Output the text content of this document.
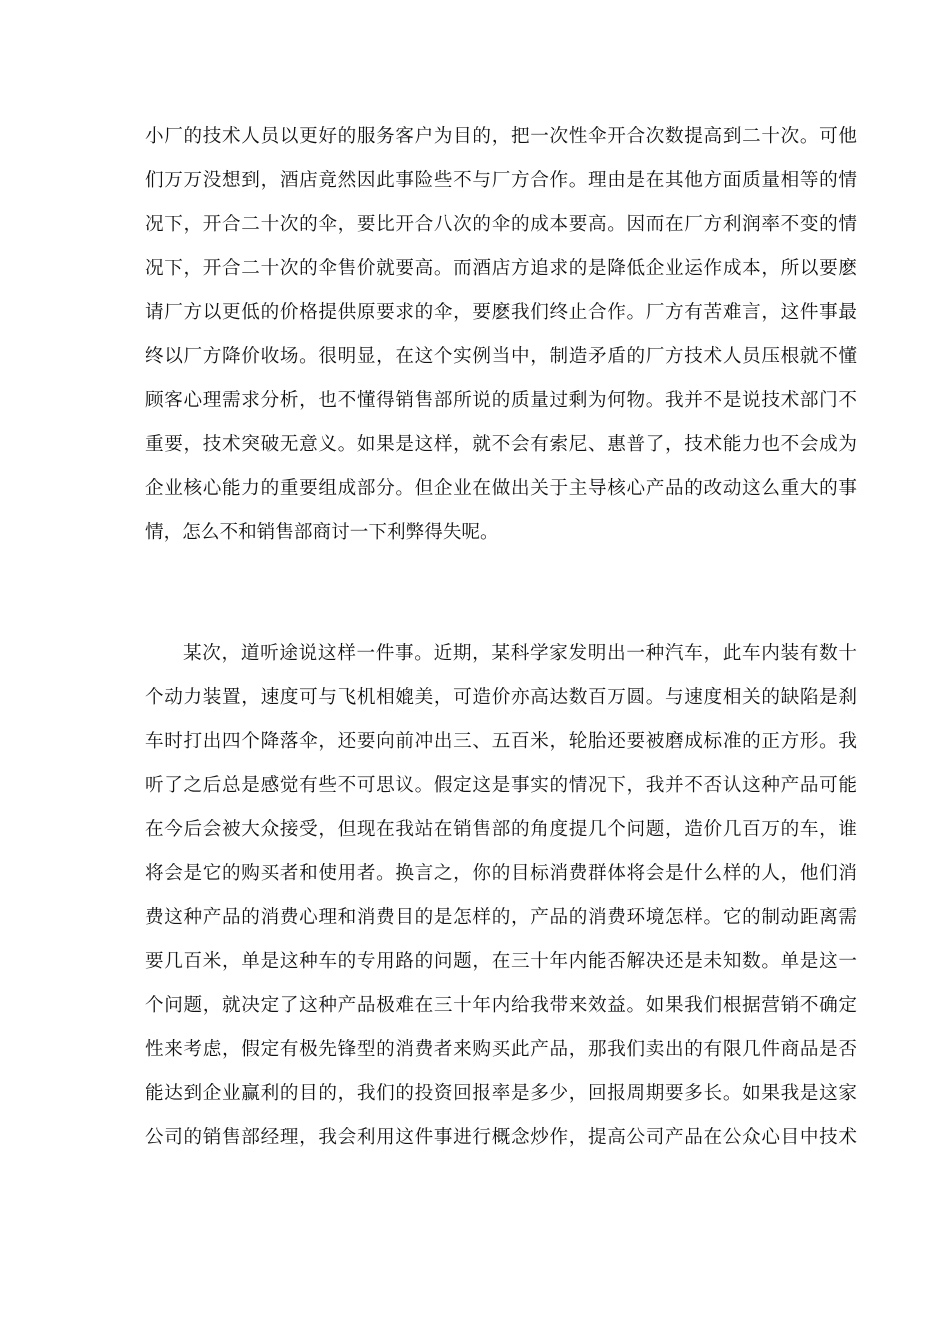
小厂的技术人员以更好的服务客户为目的，把一次性伞开合次数提高到二十次。可他
们万万没想到，酒店竟然因此事险些不与厂方合作。理由是在其他方面质量相等的情
况下，开合二十次的伞，要比开合八次的伞的成本要高。因而在厂方利润率不变的情
况下，开合二十次的伞售价就要高。而酒店方追求的是降低企业运作成本，所以要麽
请厂方以更低的价格提供原要求的伞，要麽我们终止合作。厂方有苦难言，这件事最
终以厂方降价收场。很明显，在这个实例当中，制造矛盾的厂方技术人员压根就不懂
顾客心理需求分析，也不懂得销售部所说的质量过剩为何物。我并不是说技术部门不
重要，技术突破无意义。如果是这样，就不会有索尼、惠普了，技术能力也不会成为
企业核心能力的重要组成部分。但企业在做出关于主导核心产品的改动这么重大的事
情，怎么不和销售部商讨一下利弊得失呢。
某次，道听途说这样一件事。近期，某科学家发明出一种汽车，此车内装有数十
个动力装置，速度可与飞机相媲美，可造价亦高达数百万圆。与速度相关的缺陷是刹
车时打出四个降落伞，还要向前冲出三、五百米，轮胎还要被磨成标准的正方形。我
听了之后总是感觉有些不可思议。假定这是事实的情况下，我并不否认这种产品可能
在今后会被大众接受，但现在我站在销售部的角度提几个问题，造价几百万的车，谁
将会是它的购买者和使用者。换言之，你的目标消费群体将会是什么样的人，他们消
费这种产品的消费心理和消费目的是怎样的，产品的消费环境怎样。它的制动距离需
要几百米，单是这种车的专用路的问题，在三十年内能否解决还是未知数。单是这一
个问题，就决定了这种产品极难在三十年内给我带来效益。如果我们根据营销不确定
性来考虑，假定有极先锋型的消费者来购买此产品，那我们卖出的有限几件商品是否
能达到企业赢利的目的，我们的投资回报率是多少，回报周期要多长。如果我是这家
公司的销售部经理，我会利用这件事进行概念炒作，提高公司产品在公众心目中技术
